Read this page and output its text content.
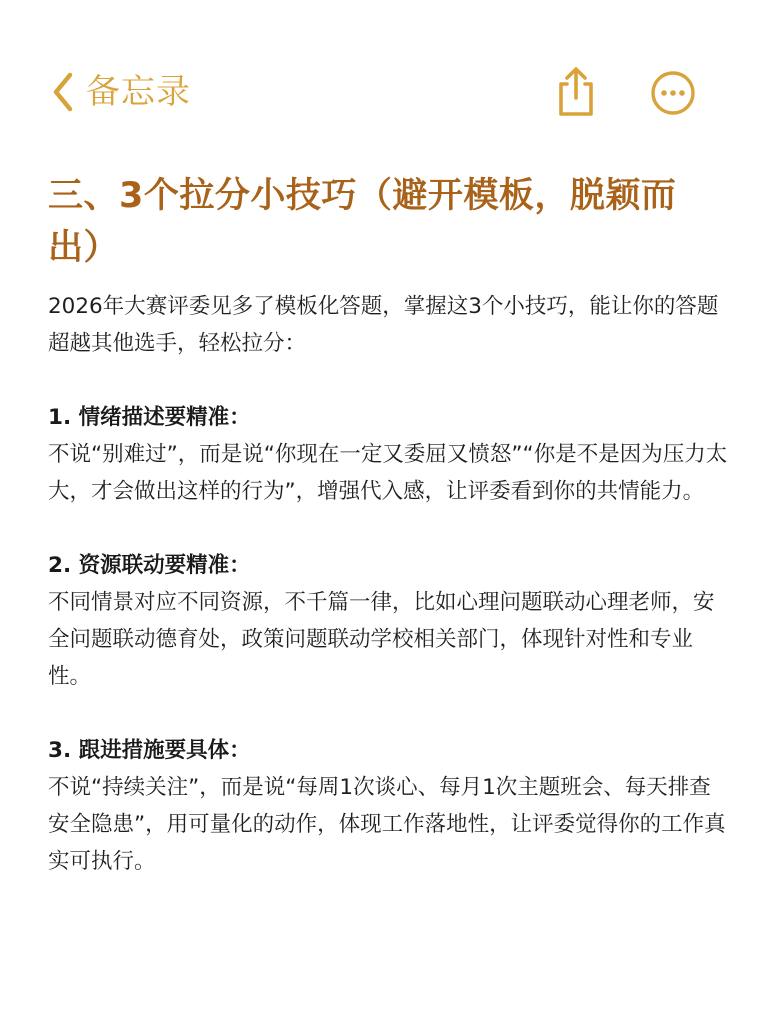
备忘录
三、3个拉分小技巧（避开模板，脱颖而出）

2026年大赛评委见多了模板化答题，掌握这3个小技巧，能让你的答题超越其他选手，轻松拉分：

1. 情绪描述要精准：

不说“别难过”，而是说“你现在一定又委屈又愤怒”“你是不是因为压力太大，才会做出这样的行为”，增强代入感，让评委看到你的共情能力。

2. 资源联动要精准：

不同情景对应不同资源，不千篇一律，比如心理问题联动心理老师，安全问题联动德育处，政策问题联动学校相关部门，体现针对性和专业性。

3. 跟进措施要具体：

不说“持续关注”，而是说“每周1次谈心、每月1次主题班会、每天排查安全隐患”，用可量化的动作，体现工作落地性，让评委觉得你的工作真实可执行。
